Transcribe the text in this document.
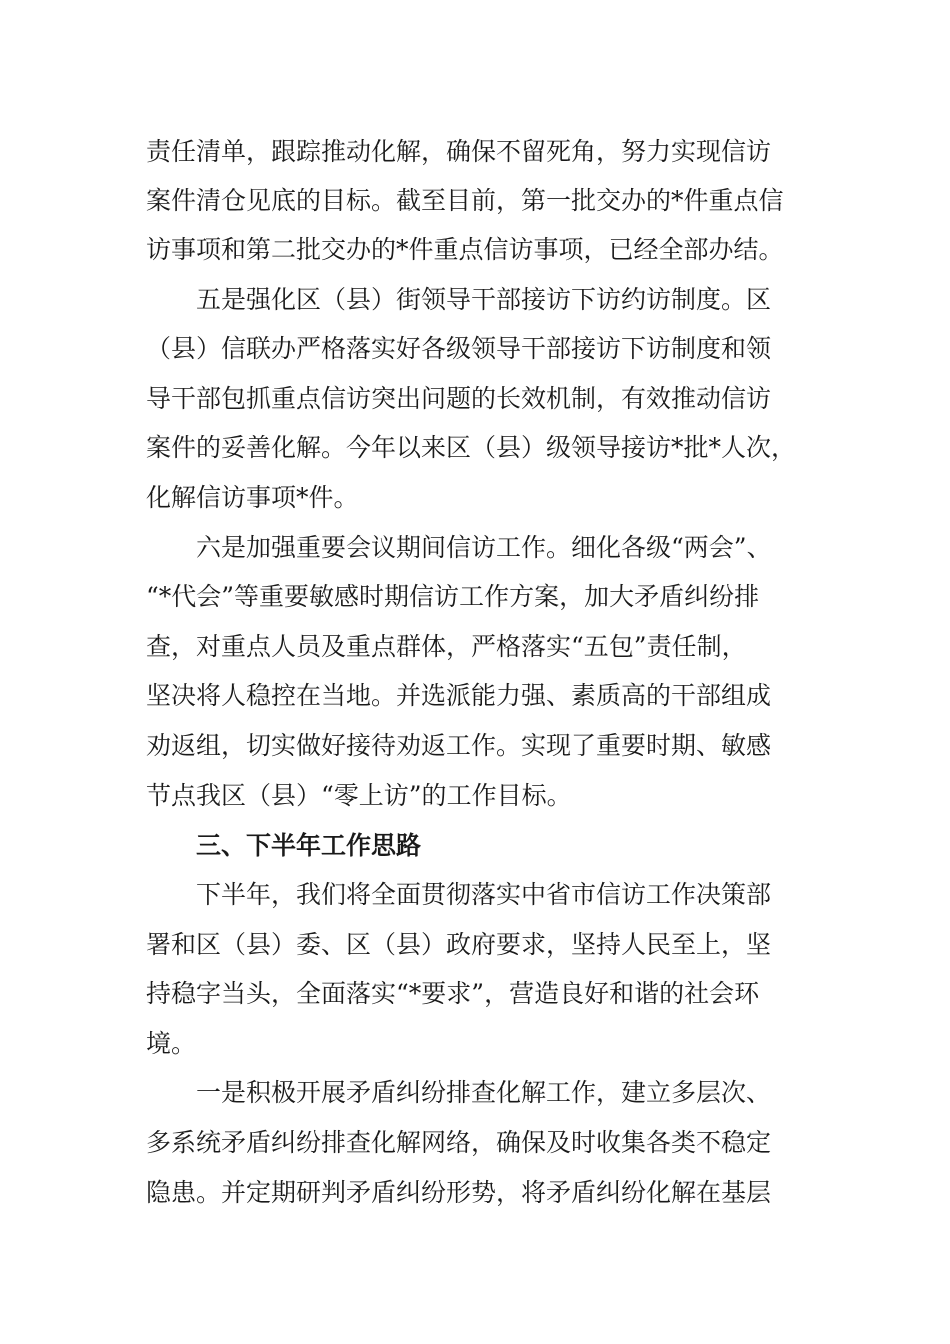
责任清单，跟踪推动化解，确保不留死角，努力实现信访

案件清仓见底的目标。截至目前，第一批交办的*件重点信

访事项和第二批交办的*件重点信访事项，已经全部办结。

五是强化区（县）街领导干部接访下访约访制度。区

（县）信联办严格落实好各级领导干部接访下访制度和领

导干部包抓重点信访突出问题的长效机制，有效推动信访

案件的妥善化解。今年以来区（县）级领导接访*批*人次，

化解信访事项*件。

六是加强重要会议期间信访工作。细化各级“两会”、

“*代会”等重要敏感时期信访工作方案，加大矛盾纠纷排

查，对重点人员及重点群体，严格落实“五包”责任制，

坚决将人稳控在当地。并选派能力强、素质高的干部组成

劝返组，切实做好接待劝返工作。实现了重要时期、敏感

节点我区（县）“零上访”的工作目标。

三、下半年工作思路

下半年，我们将全面贯彻落实中省市信访工作决策部

署和区（县）委、区（县）政府要求，坚持人民至上，坚

持稳字当头，全面落实“*要求”，营造良好和谐的社会环

境。

一是积极开展矛盾纠纷排查化解工作，建立多层次、

多系统矛盾纠纷排查化解网络，确保及时收集各类不稳定

隐患。并定期研判矛盾纠纷形势，将矛盾纠纷化解在基层
